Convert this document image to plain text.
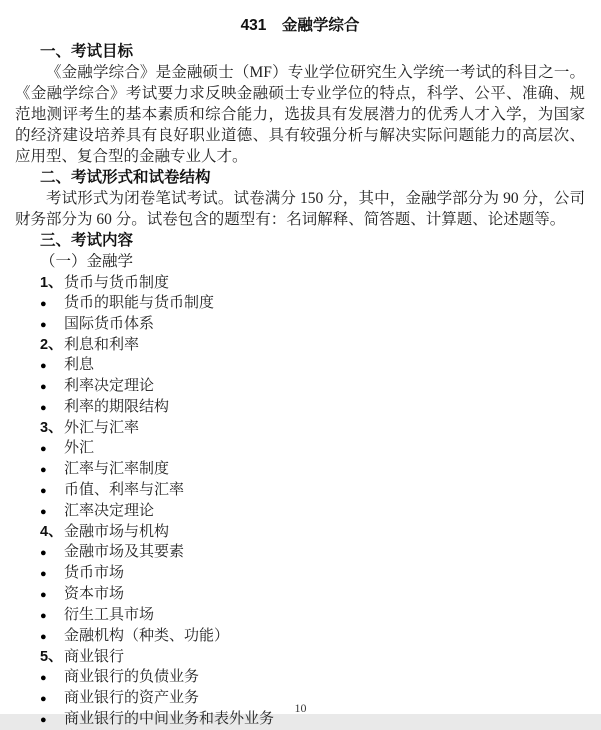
431　金融学综合
一、考试目标

《金融学综合》是金融硕士（MF）专业学位研究生入学统一考试的科目之一。《金融学综合》考试要力求反映金融硕士专业学位的特点，科学、公平、准确、规范地测评考生的基本素质和综合能力，选拔具有发展潜力的优秀人才入学，为国家的经济建设培养具有良好职业道德、具有较强分析与解决实际问题能力的高层次、应用型、复合型的金融专业人才。

二、考试形式和试卷结构

考试形式为闭卷笔试考试。试卷满分 150 分，其中，金融学部分为 90 分，公司财务部分为 60 分。试卷包含的题型有：名词解释、简答题、计算题、论述题等。

三、考试内容

（一）金融学

1、 货币与货币制度
●	货币的职能与货币制度
●	国际货币体系
2、 利息和利率
●	利息
●	利率决定理论
●	利率的期限结构
3、 外汇与汇率
●	外汇
●	汇率与汇率制度
●	币值、利率与汇率
●	汇率决定理论
4、 金融市场与机构
●	金融市场及其要素
●	货币市场
●	资本市场
●	衍生工具市场
●	金融机构（种类、功能）
5、 商业银行
●	商业银行的负债业务
●	商业银行的资产业务
●	商业银行的中间业务和表外业务
10
